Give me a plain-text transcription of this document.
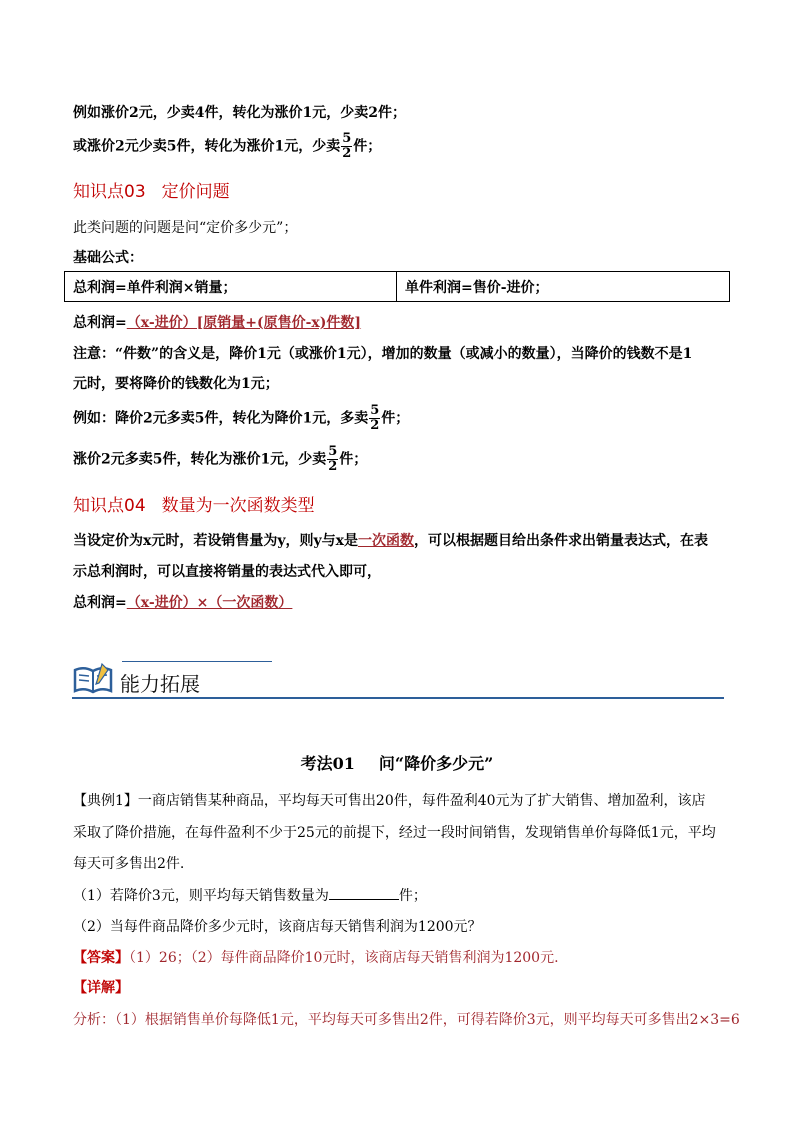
例如涨价2元，少卖4件，转化为涨价1元，少卖2件；
或涨价2元少卖5件，转化为涨价1元，少卖 $\frac{5}{2}$ 件；
知识点03 定价问题
此类问题的问题是问“定价多少元”；
基础公式：
总利润=单件利润×销量；	单件利润=售价-进价；
总利润=（x-进价）[原销量+(原售价-x)件数]
注意：“件数”的含义是，降价1元（或涨价1元），增加的数量（或减小的数量），当降价的钱数不是1
元时，要将降价的钱数化为1元；
例如：降价2元多卖5件，转化为降价1元，多卖 $\frac{5}{2}$ 件；
涨价2元多卖5件，转化为涨价1元，少卖 $\frac{5}{2}$ 件；
知识点04 数量为一次函数类型
当设定价为x元时，若设销售量为y，则y与x是一次函数，可以根据题目给出条件求出销量表达式，在表
示总利润时，可以直接将销量的表达式代入即可，
总利润=（x-进价）×（一次函数）
能力拓展
考法01 问“降价多少元”
【典例1】一商店销售某种商品，平均每天可售出20件，每件盈利40元为了扩大销售、增加盈利，该店
采取了降价措施，在每件盈利不少于25元的前提下，经过一段时间销售，发现销售单价每降低1元，平均
每天可多售出2件.
（1）若降价3元，则平均每天销售数量为	件；
（2）当每件商品降价多少元时，该商店每天销售利润为1200元？
【答案】（1）26；（2）每件商品降价10元时，该商店每天销售利润为1200元.
【详解】
分析：（1）根据销售单价每降低1元，平均每天可多售出2件，可得若降价3元，则平均每天可多售出2×3=6
